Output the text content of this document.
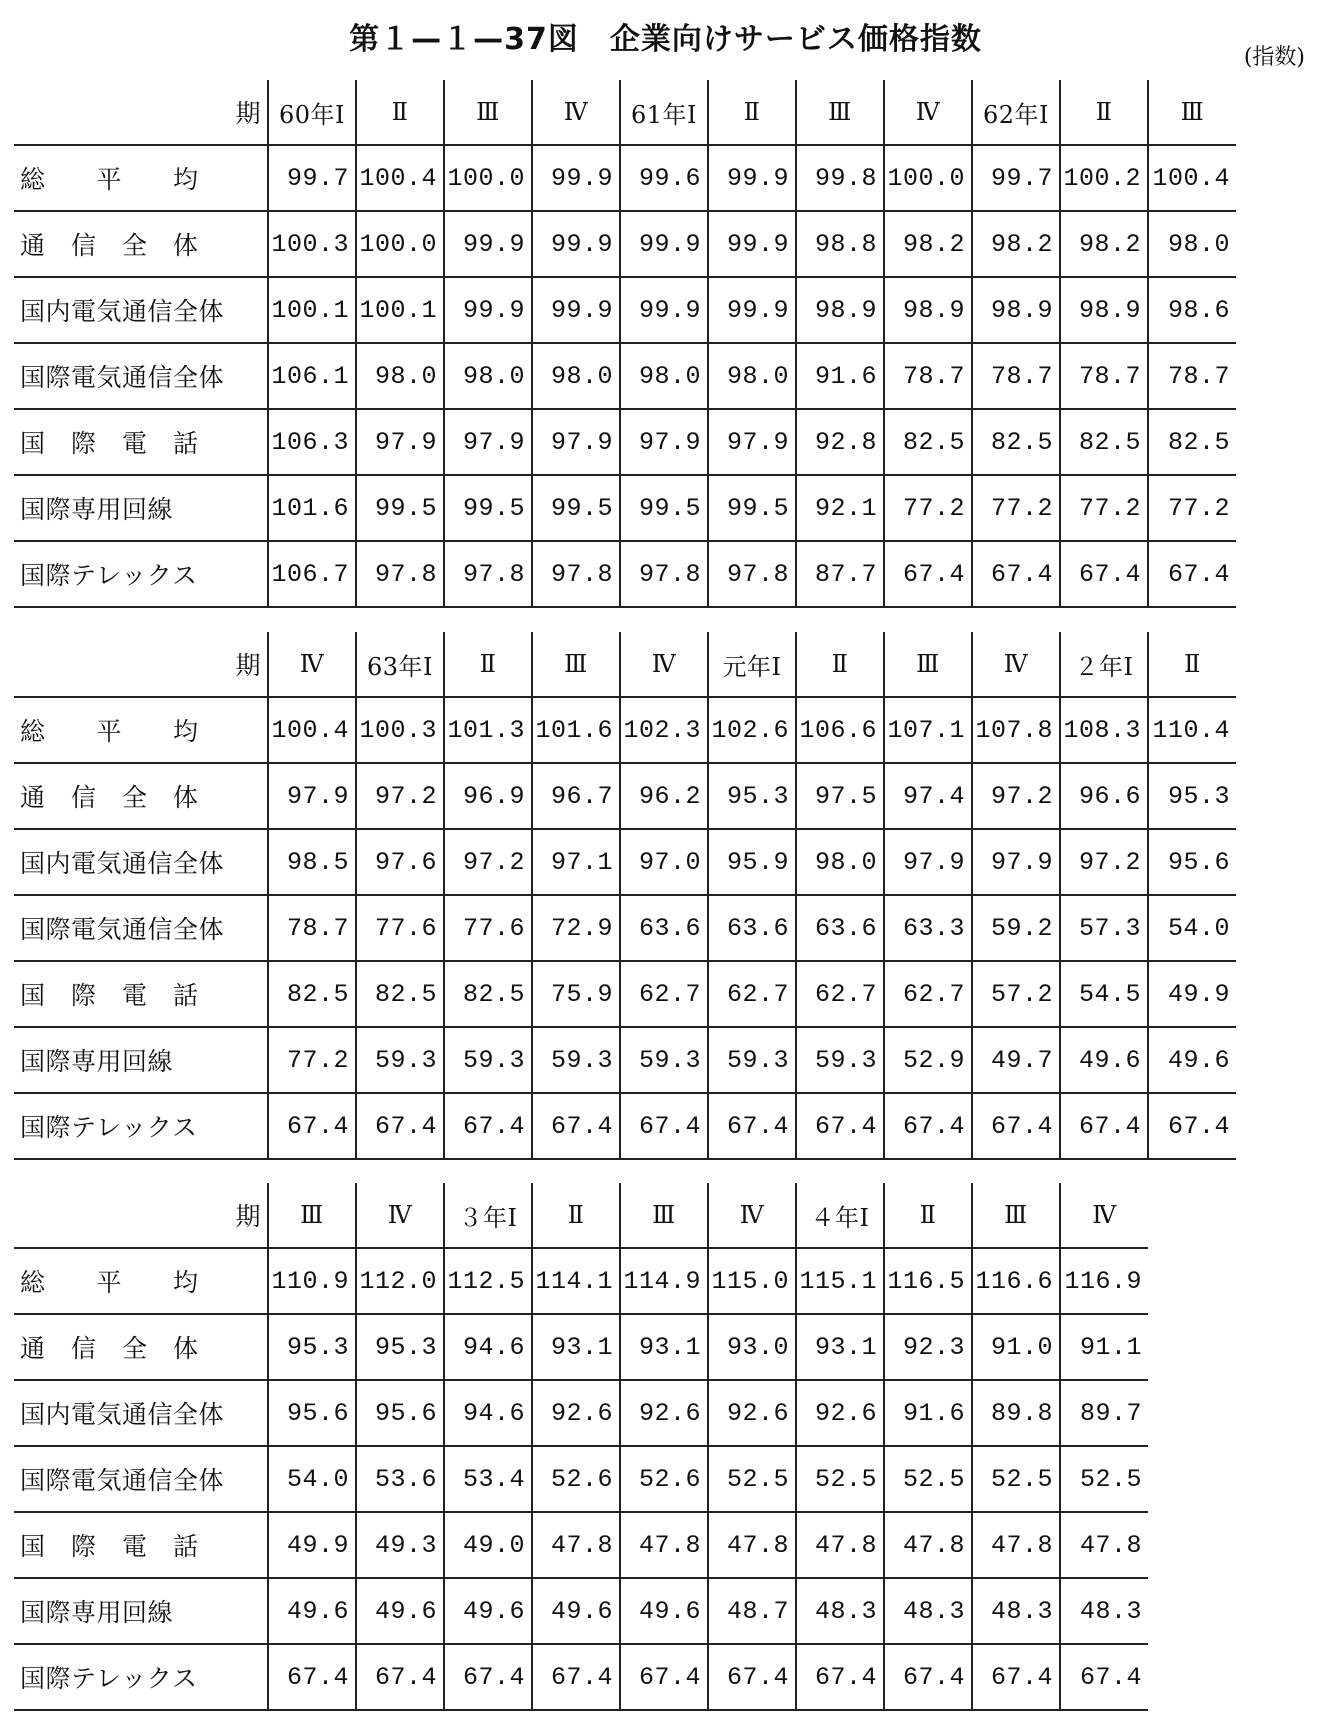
第１—１—37図　企業向けサービス価格指数
(指数)
期	60年Ⅰ	Ⅱ	Ⅲ	Ⅳ	61年Ⅰ	Ⅱ	Ⅲ	Ⅳ	62年Ⅰ	Ⅱ	Ⅲ
総　　平　　均	99.7	100.4	100.0	99.9	99.6	99.9	99.8	100.0	99.7	100.2	100.4
通　信　全　体	100.3	100.0	99.9	99.9	99.9	99.9	98.8	98.2	98.2	98.2	98.0
国内電気通信全体	100.1	100.1	99.9	99.9	99.9	99.9	98.9	98.9	98.9	98.9	98.6
国際電気通信全体	106.1	98.0	98.0	98.0	98.0	98.0	91.6	78.7	78.7	78.7	78.7
国　際　電　話	106.3	97.9	97.9	97.9	97.9	97.9	92.8	82.5	82.5	82.5	82.5
国際専用回線	101.6	99.5	99.5	99.5	99.5	99.5	92.1	77.2	77.2	77.2	77.2
国際テレックス	106.7	97.8	97.8	97.8	97.8	97.8	87.7	67.4	67.4	67.4	67.4
期	Ⅳ	63年Ⅰ	Ⅱ	Ⅲ	Ⅳ	元年Ⅰ	Ⅱ	Ⅲ	Ⅳ	２年Ⅰ	Ⅱ
総　　平　　均	100.4	100.3	101.3	101.6	102.3	102.6	106.6	107.1	107.8	108.3	110.4
通　信　全　体	97.9	97.2	96.9	96.7	96.2	95.3	97.5	97.4	97.2	96.6	95.3
国内電気通信全体	98.5	97.6	97.2	97.1	97.0	95.9	98.0	97.9	97.9	97.2	95.6
国際電気通信全体	78.7	77.6	77.6	72.9	63.6	63.6	63.6	63.3	59.2	57.3	54.0
国　際　電　話	82.5	82.5	82.5	75.9	62.7	62.7	62.7	62.7	57.2	54.5	49.9
国際専用回線	77.2	59.3	59.3	59.3	59.3	59.3	59.3	52.9	49.7	49.6	49.6
国際テレックス	67.4	67.4	67.4	67.4	67.4	67.4	67.4	67.4	67.4	67.4	67.4
期	Ⅲ	Ⅳ	３年Ⅰ	Ⅱ	Ⅲ	Ⅳ	４年Ⅰ	Ⅱ	Ⅲ	Ⅳ
総　　平　　均	110.9	112.0	112.5	114.1	114.9	115.0	115.1	116.5	116.6	116.9
通　信　全　体	95.3	95.3	94.6	93.1	93.1	93.0	93.1	92.3	91.0	91.1
国内電気通信全体	95.6	95.6	94.6	92.6	92.6	92.6	92.6	91.6	89.8	89.7
国際電気通信全体	54.0	53.6	53.4	52.6	52.6	52.5	52.5	52.5	52.5	52.5
国　際　電　話	49.9	49.3	49.0	47.8	47.8	47.8	47.8	47.8	47.8	47.8
国際専用回線	49.6	49.6	49.6	49.6	49.6	48.7	48.3	48.3	48.3	48.3
国際テレックス	67.4	67.4	67.4	67.4	67.4	67.4	67.4	67.4	67.4	67.4
